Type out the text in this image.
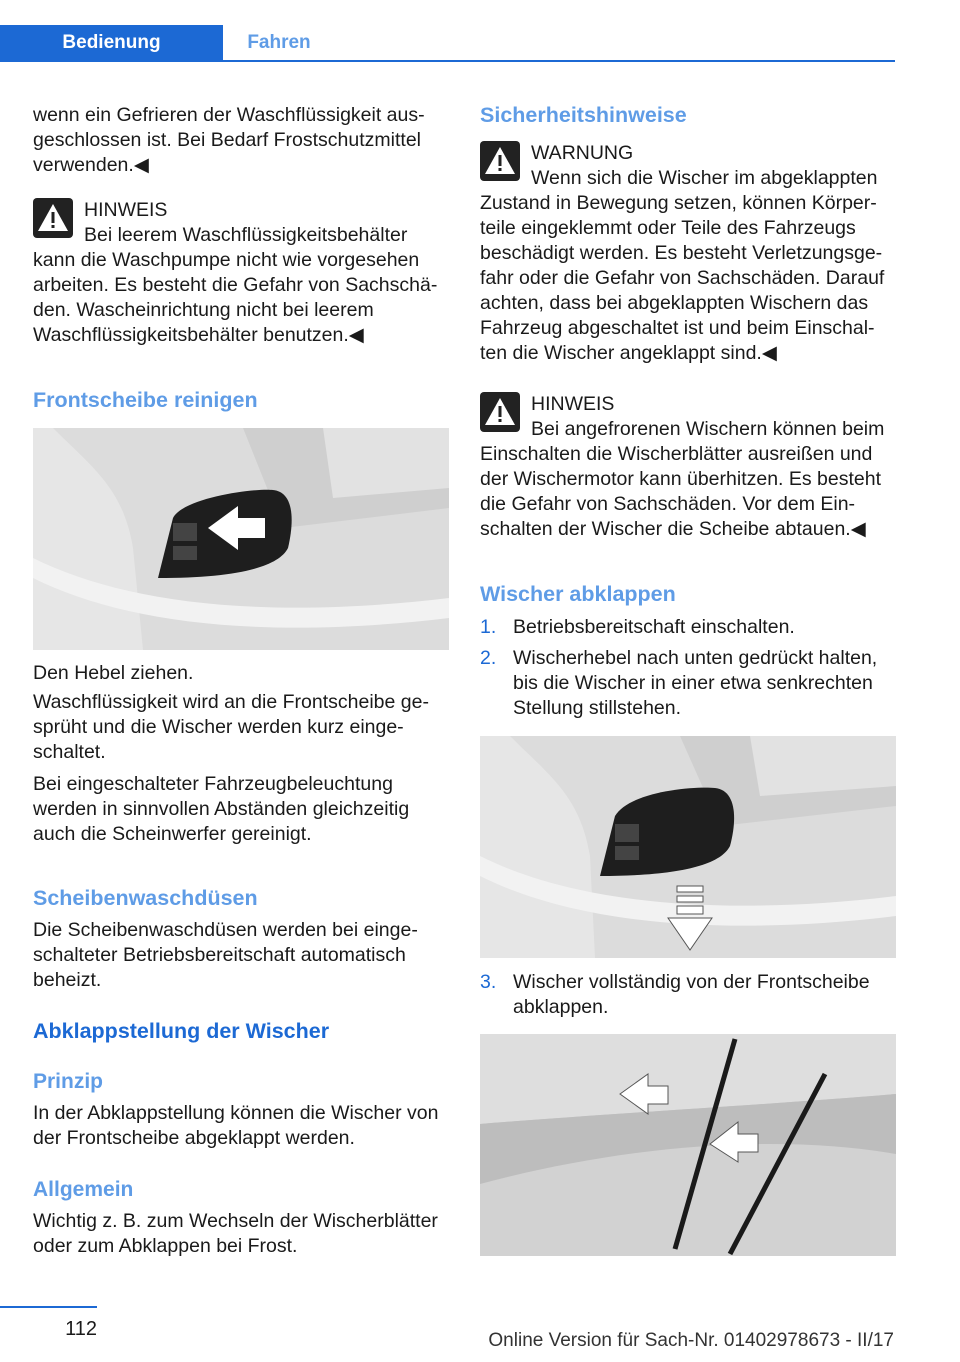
Bedienung	Fahren

wenn ein Gefrieren der Waschflüssigkeit aus‐ geschlossen ist. Bei Bedarf Frostschutzmittel verwenden.◀

HINWEIS

Bei leerem Waschflüssigkeitsbehälter kann die Waschpumpe nicht wie vorgesehen arbeiten. Es besteht die Gefahr von Sachschä‐ den. Wascheinrichtung nicht bei leerem Waschflüssigkeitsbehälter benutzen.◀

Frontscheibe reinigen

Den Hebel ziehen.

Waschflüssigkeit wird an die Frontscheibe ge‐ sprüht und die Wischer werden kurz einge‐ schaltet.

Bei eingeschalteter Fahrzeugbeleuchtung werden in sinnvollen Abständen gleichzeitig auch die Scheinwerfer gereinigt.

Scheibenwaschdüsen

Die Scheibenwaschdüsen werden bei einge‐ schalteter Betriebsbereitschaft automatisch beheizt.

Abklappstellung der Wischer
Prinzip

In der Abklappstellung können die Wischer von der Frontscheibe abgeklappt werden.

Allgemein

Wichtig z. B. zum Wechseln der Wischerblätter oder zum Abklappen bei Frost.

Sicherheitshinweise
WARNUNG

Wenn sich die Wischer im abgeklappten Zustand in Bewegung setzen, können Körper‐ teile eingeklemmt oder Teile des Fahrzeugs beschädigt werden. Es besteht Verletzungsge‐ fahr oder die Gefahr von Sachschäden. Darauf achten, dass bei abgeklappten Wischern das Fahrzeug abgeschaltet ist und beim Einschal‐ ten die Wischer angeklappt sind.◀

HINWEIS

Bei angefrorenen Wischern können beim Einschalten die Wischerblätter ausreißen und der Wischermotor kann überhitzen. Es besteht die Gefahr von Sachschäden. Vor dem Ein‐ schalten der Wischer die Scheibe abtauen.◀

Wischer abklappen
1. Betriebsbereitschaft einschalten.
2. Wischerhebel nach unten gedrückt halten, bis die Wischer in einer etwa senkrechten Stellung stillstehen.
3. Wischer vollständig von der Frontscheibe abklappen.
112
Online Version für Sach-Nr. 01402978673 - II/17
